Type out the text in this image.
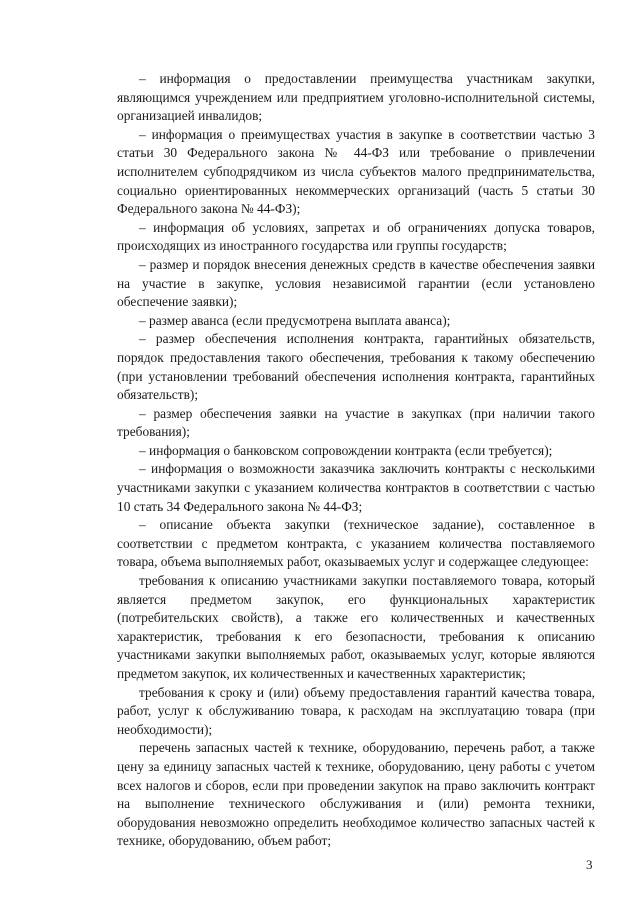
– информация о предоставлении преимущества участникам закупки, являющимся учреждением или предприятием уголовно-исполнительной системы, организацией инвалидов;

– информация о преимуществах участия в закупке в соответствии частью 3 статьи 30 Федерального закона № 44-ФЗ или требование о привлечении исполнителем субподрядчиком из числа субъектов малого предпринимательства, социально ориентированных некоммерческих организаций (часть 5 статьи 30 Федерального закона № 44-ФЗ);

– информация об условиях, запретах и об ограничениях допуска товаров, происходящих из иностранного государства или группы государств;

– размер и порядок внесения денежных средств в качестве обеспечения заявки на участие в закупке, условия независимой гарантии (если установлено обеспечение заявки);

– размер аванса (если предусмотрена выплата аванса);

– размер обеспечения исполнения контракта, гарантийных обязательств, порядок предоставления такого обеспечения, требования к такому обеспечению (при установлении требований обеспечения исполнения контракта, гарантийных обязательств);

– размер обеспечения заявки на участие в закупках (при наличии такого требования);

– информация о банковском сопровождении контракта (если требуется);

– информация о возможности заказчика заключить контракты с несколькими участниками закупки с указанием количества контрактов в соответствии с частью 10 стать 34 Федерального закона № 44-ФЗ;

– описание объекта закупки (техническое задание), составленное в соответствии с предметом контракта, с указанием количества поставляемого товара, объема выполняемых работ, оказываемых услуг и содержащее следующее:

требования к описанию участниками закупки поставляемого товара, который является предметом закупок, его функциональных характеристик (потребительских свойств), а также его количественных и качественных характеристик, требования к его безопасности, требования к описанию участниками закупки выполняемых работ, оказываемых услуг, которые являются предметом закупок, их количественных и качественных характеристик;

требования к сроку и (или) объему предоставления гарантий качества товара, работ, услуг к обслуживанию товара, к расходам на эксплуатацию товара (при необходимости);

перечень запасных частей к технике, оборудованию, перечень работ, а также цену за единицу запасных частей к технике, оборудованию, цену работы с учетом всех налогов и сборов, если при проведении закупок на право заключить контракт на выполнение технического обслуживания и (или) ремонта техники, оборудования невозможно определить необходимое количество запасных частей к технике, оборудованию, объем работ;

3
